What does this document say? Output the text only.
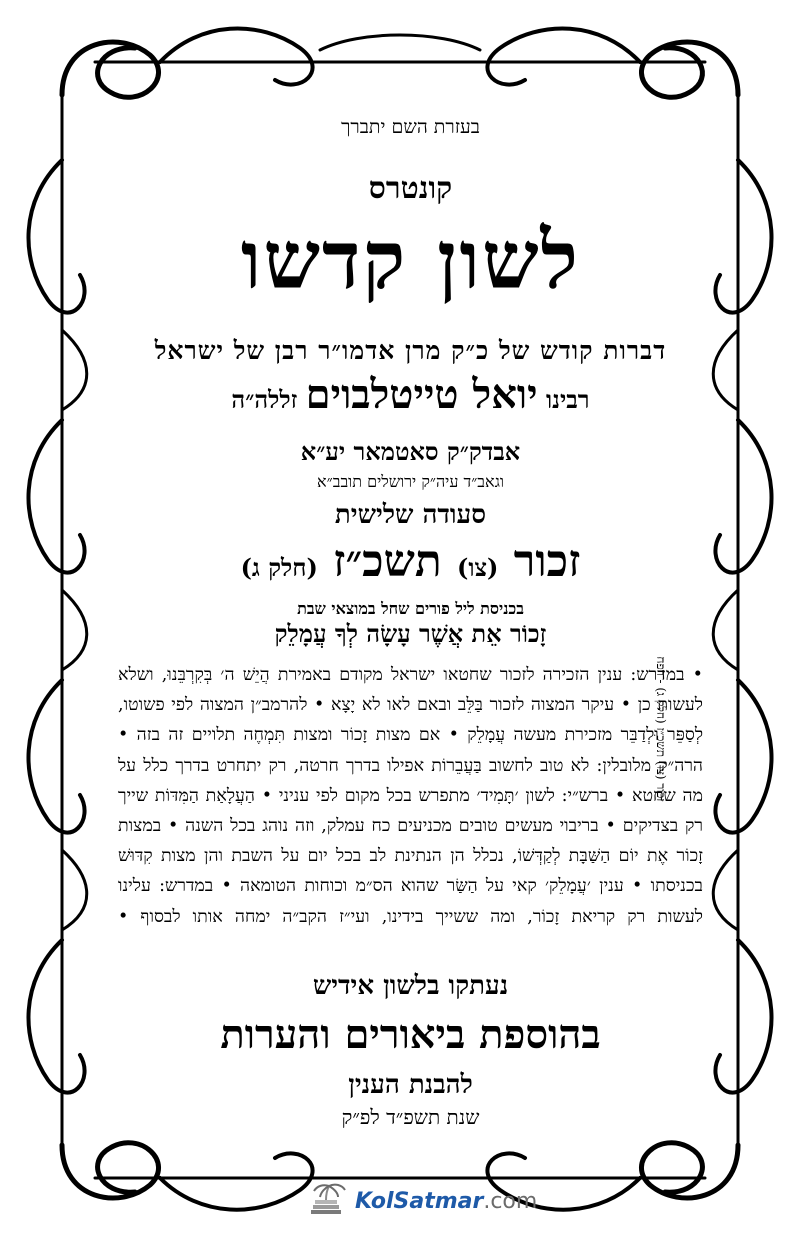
בעזרת השם יתברך
קונטרס
לשון קדשו
דברות קודש של כ״ק מרן אדמו״ר רבן של ישראל
רבינו יואל טייטלבוים זללה״ה
אבדק״ק סאטמאר יע״א
וגאב״ד עיה״ק ירושלים תובב״א
סעודה שלישית
זכור (צו) תשכ״ז (חלק ג)
בכניסת ליל פורים שחל במוצאי שבת
זָכוֹר אֵת אֲשֶׁר עָשָׂה לְךָ עֲמָלֵק
• במדרש: ענין הזכירה לזכור שחטאו ישראל מקודם באמירת הֲיֵשׁ ה׳ בְּקִרְבֵּנוּ, ושלא לעשות כן • עיקר המצוה לזכור בַּלֵּב ובאם לאו לא יָצָא • להרמב״ן המצוה לפי פשוטו, לְסַפֵּר וּלְדַבֵּר מזכירת מעשה עֲמָלֵק • אם מצות זָכוֹר ומצות תִּמְחֶה תלויים זה בזה • הרה״ק מלובלין: לא טוב לחשוב בַּעֲבֵרוֹת אפילו בדרך חרטה, רק יתחרט בדרך כלל על מה שחטא • ברש״י: לשון ׳תָּמִיד׳ מתפרש בכל מקום לפי עניני • הַעֲלָאַת הַמִּדּוֹת שייך רק בצדיקים • בריבוי מעשים טובים מכניעים כח עמלק, וזה נוהג בכל השנה • במצות זָכוֹר אֶת יוֹם הַשַּׁבָּת לְקַדְּשׁוֹ, נכלל הן הנתינת לב בכל יום על השבת והן מצות קִדּוּשׁ בכניסתו • ענין ׳עֲמָלֵק׳ קאי על הַשַּׂר שהוא הס״מ וכוחות הטומאה • במדרש: עלינו לעשות רק קריאת זָכוֹר, ומה ששייך בידינו, ועי״ז הקב״ה ימחה אותו לבסוף •
נעתקו בלשון אידיש
בהוספת ביאורים והערות
להבנת הענין
שנת תשפ״ד לפ״ק
זכור (צו) תשכ״ז (חלק ג) - רפח
KolSatmar.com
